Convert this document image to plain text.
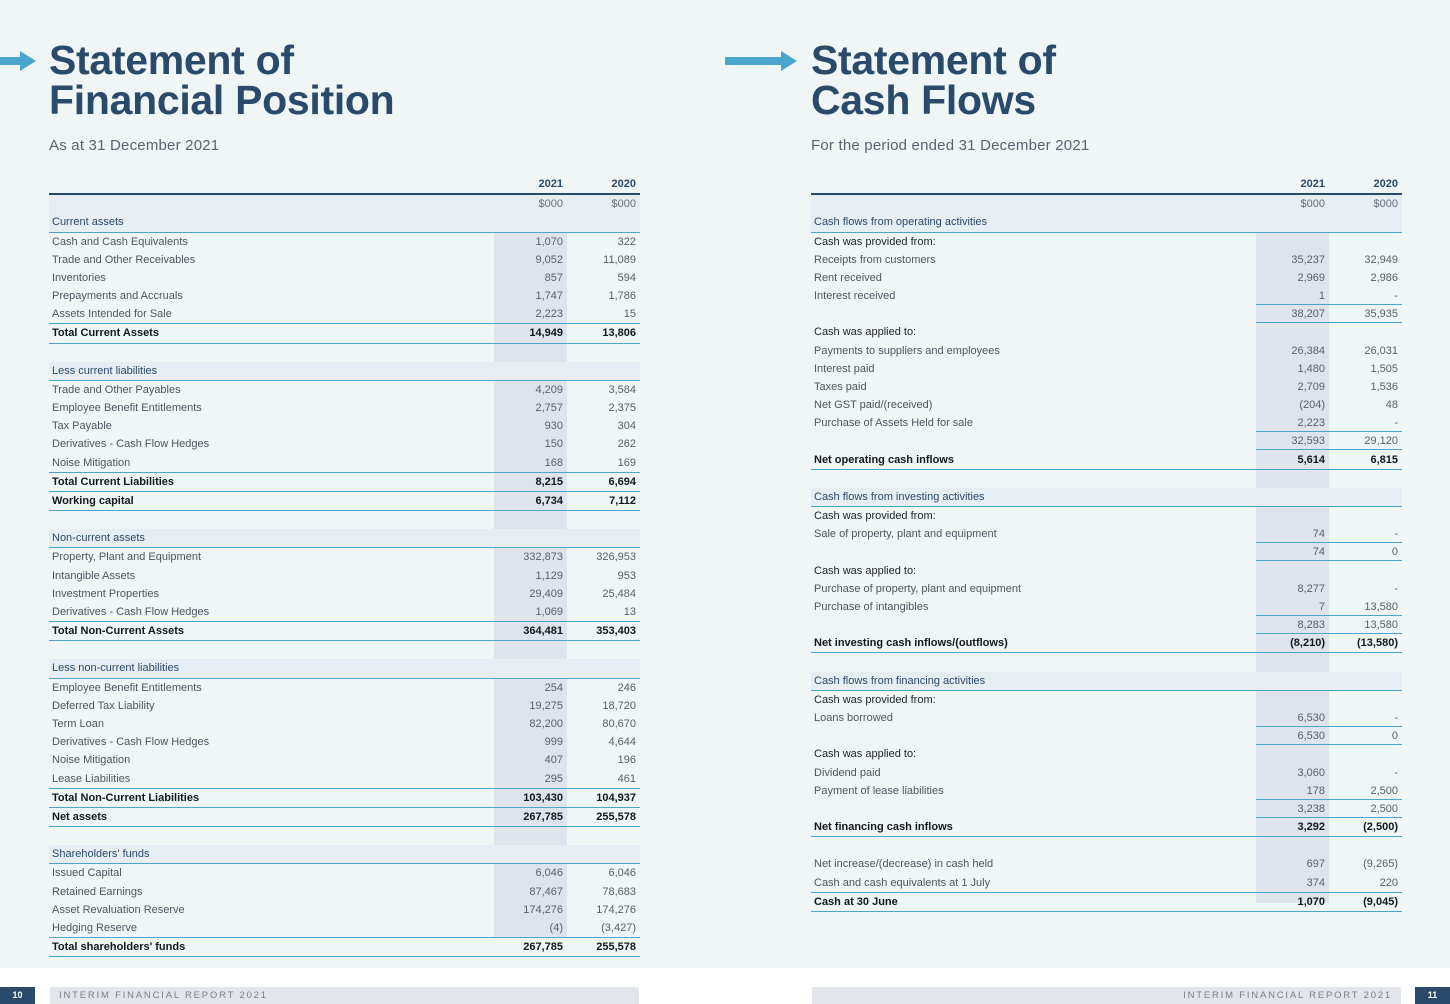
Statement of
Financial Position
As at 31 December 2021
2021	2020
$000	$000
Current assets
Cash and Cash Equivalents	1,070	322
Trade and Other Receivables	9,052	11,089
Inventories	857	594
Prepayments and Accruals	1,747	1,786
Assets Intended for Sale	2,223	15
Total Current Assets	14,949	13,806
Less current liabilities
Trade and Other Payables	4,209	3,584
Employee Benefit Entitlements	2,757	2,375
Tax Payable	930	304
Derivatives - Cash Flow Hedges	150	262
Noise Mitigation	168	169
Total Current Liabilities	8,215	6,694
Working capital	6,734	7,112
Non-current assets
Property, Plant and Equipment	332,873	326,953
Intangible Assets	1,129	953
Investment Properties	29,409	25,484
Derivatives - Cash Flow Hedges	1,069	13
Total Non-Current Assets	364,481	353,403
Less non-current liabilities
Employee Benefit Entitlements	254	246
Deferred Tax Liability	19,275	18,720
Term Loan	82,200	80,670
Derivatives - Cash Flow Hedges	999	4,644
Noise Mitigation	407	196
Lease Liabilities	295	461
Total Non-Current Liabilities	103,430	104,937
Net assets	267,785	255,578
Shareholders' funds
Issued Capital	6,046	6,046
Retained Earnings	87,467	78,683
Asset Revaluation Reserve	174,276	174,276
Hedging Reserve	(4)	(3,427)
Total shareholders' funds	267,785	255,578
Statement of
Cash Flows
For the period ended 31 December 2021
2021	2020
$000	$000
Cash flows from operating activities
Cash was provided from:
Receipts from customers	35,237	32,949
Rent received	2,969	2,986
Interest received	1	-
38,207	35,935
Cash was applied to:
Payments to suppliers and employees	26,384	26,031
Interest paid	1,480	1,505
Taxes paid	2,709	1,536
Net GST paid/(received)	(204)	48
Purchase of Assets Held for sale	2,223	-
32,593	29,120
Net operating cash inflows	5,614	6,815
Cash flows from investing activities
Cash was provided from:
Sale of property, plant and equipment	74	-
74	0
Cash was applied to:
Purchase of property, plant and equipment	8,277	-
Purchase of intangibles	7	13,580
8,283	13,580
Net investing cash inflows/(outflows)	(8,210)	(13,580)
Cash flows from financing activities
Cash was provided from:
Loans borrowed	6,530	-
6,530	0
Cash was applied to:
Dividend paid	3,060	-
Payment of lease liabilities	178	2,500
3,238	2,500
Net financing cash inflows	3,292	(2,500)
Net increase/(decrease) in cash held	697	(9,265)
Cash and cash equivalents at 1 July	374	220
Cash at 30 June	1,070	(9,045)
10	INTERIM FINANCIAL REPORT 2021	INTERIM FINANCIAL REPORT 2021	11
